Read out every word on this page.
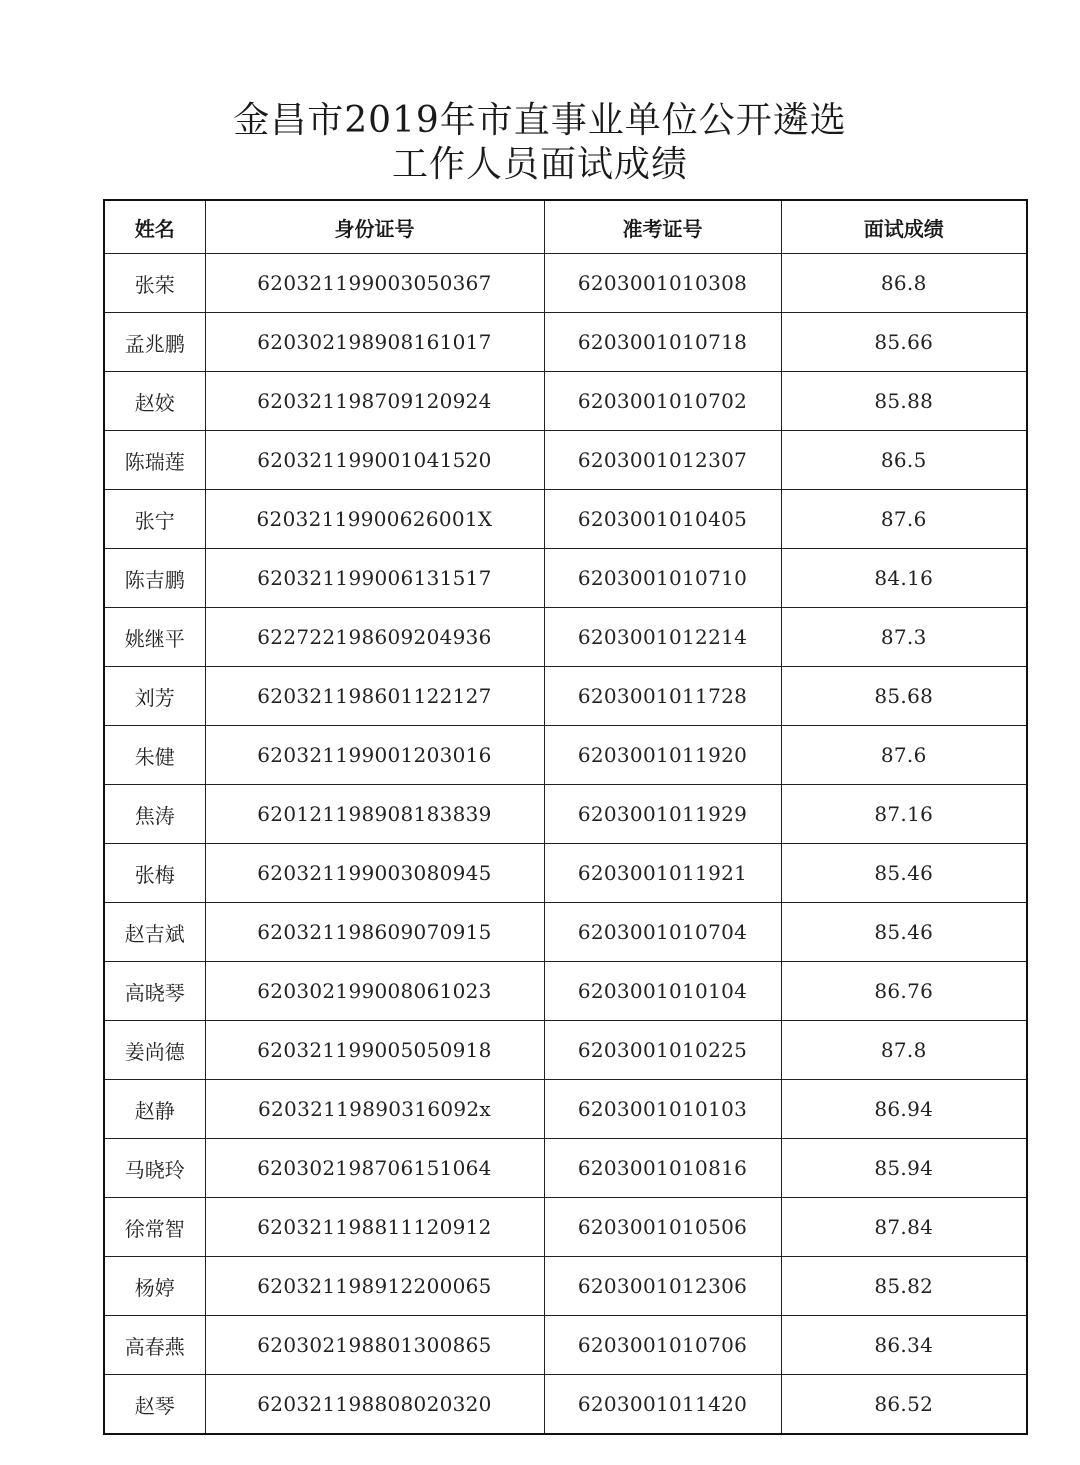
金昌市2019年市直事业单位公开遴选
工作人员面试成绩
姓名	身份证号	准考证号	面试成绩
张荣	620321199003050367	6203001010308	86.8
孟兆鹏	620302198908161017	6203001010718	85.66
赵姣	620321198709120924	6203001010702	85.88
陈瑞莲	620321199001041520	6203001012307	86.5
张宁	62032119900626001X	6203001010405	87.6
陈吉鹏	620321199006131517	6203001010710	84.16
姚继平	622722198609204936	6203001012214	87.3
刘芳	620321198601122127	6203001011728	85.68
朱健	620321199001203016	6203001011920	87.6
焦涛	620121198908183839	6203001011929	87.16
张梅	620321199003080945	6203001011921	85.46
赵吉斌	620321198609070915	6203001010704	85.46
高晓琴	620302199008061023	6203001010104	86.76
姜尚德	620321199005050918	6203001010225	87.8
赵静	62032119890316092x	6203001010103	86.94
马晓玲	620302198706151064	6203001010816	85.94
徐常智	620321198811120912	6203001010506	87.84
杨婷	620321198912200065	6203001012306	85.82
高春燕	620302198801300865	6203001010706	86.34
赵琴	620321198808020320	6203001011420	86.52
